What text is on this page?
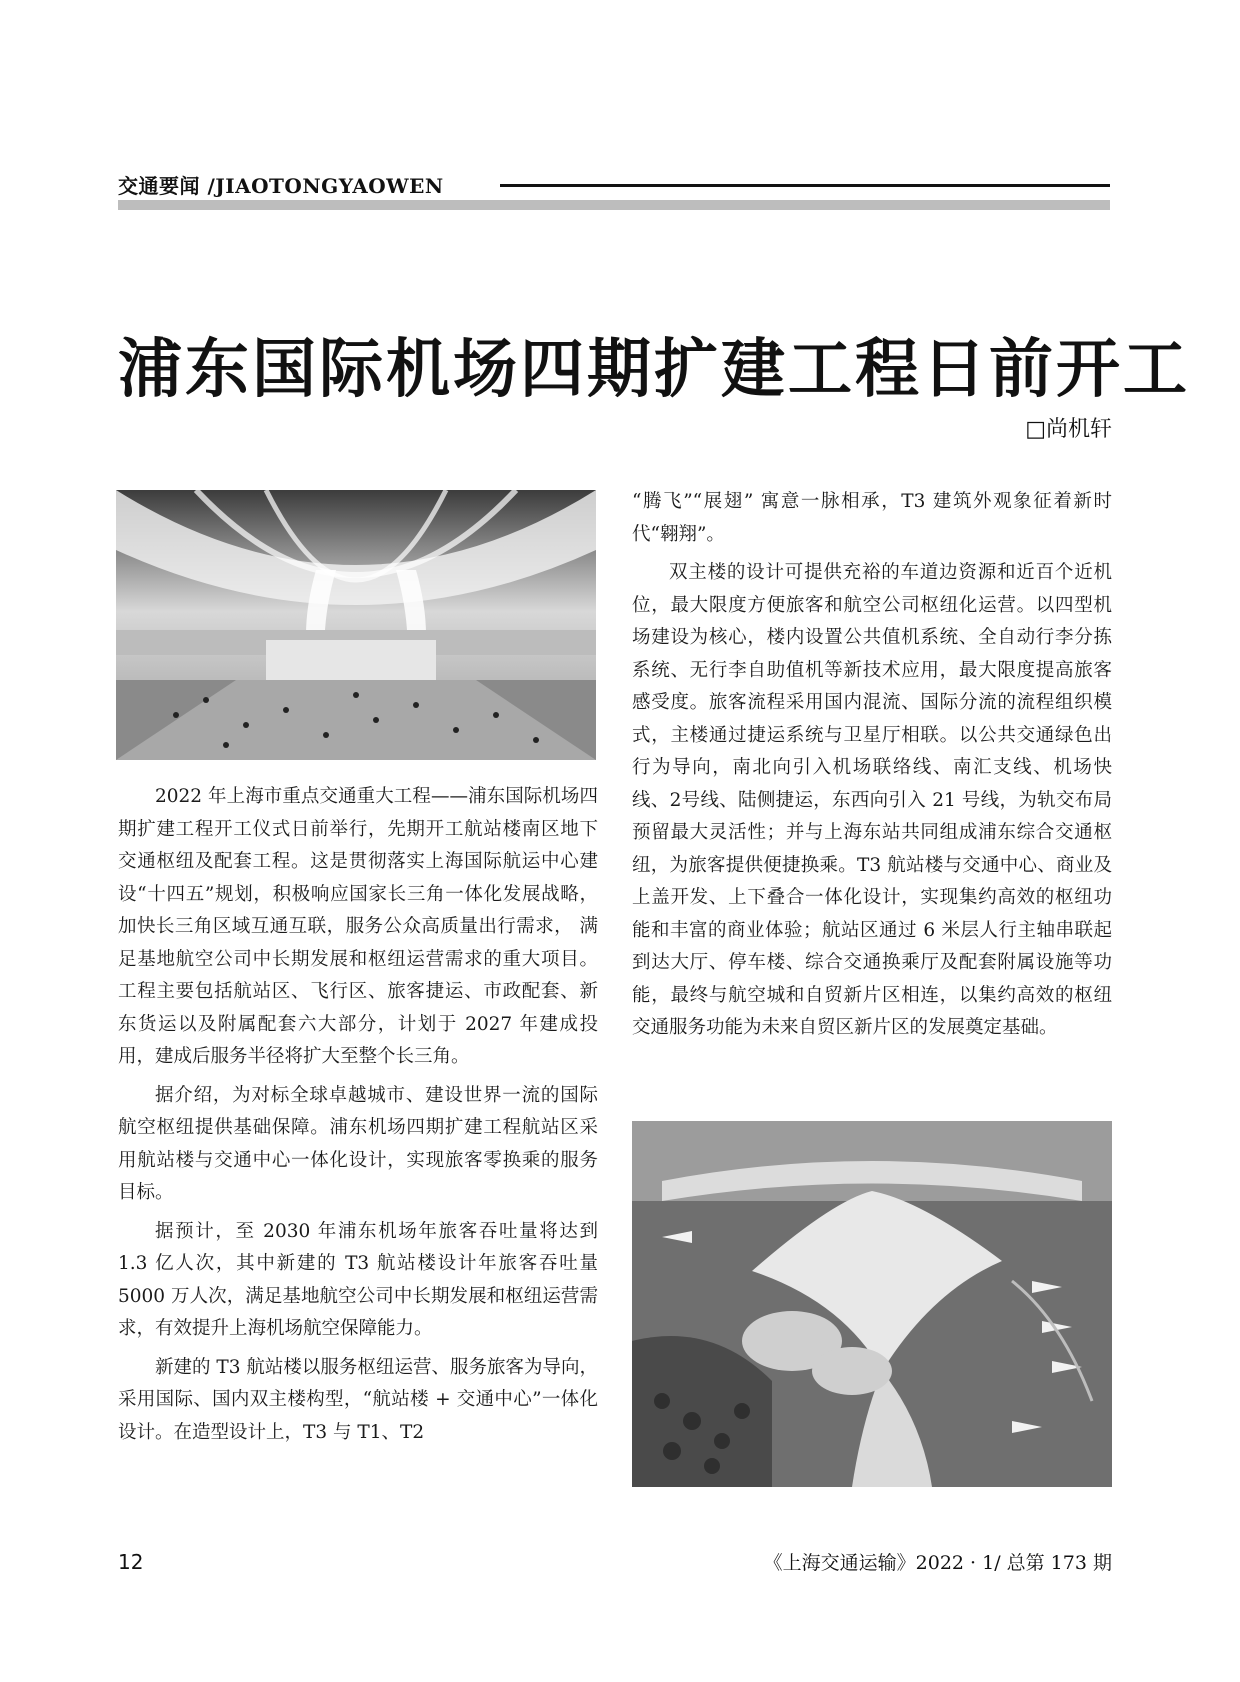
交通要闻 /JIAOTONGYAOWEN
浦东国际机场四期扩建工程日前开工
□尚机轩

2022 年上海市重点交通重大工程——浦东国际机场四期扩建工程开工仪式日前举行，先期开工航站楼南区地下交通枢纽及配套工程。这是贯彻落实上海国际航运中心建设“十四五”规划，积极响应国家长三角一体化发展战略，加快长三角区域互通互联，服务公众高质量出行需求， 满足基地航空公司中长期发展和枢纽运营需求的重大项目。工程主要包括航站区、飞行区、旅客捷运、市政配套、新东货运以及附属配套六大部分，计划于 2027 年建成投用，建成后服务半径将扩大至整个长三角。

据介绍，为对标全球卓越城市、建设世界一流的国际航空枢纽提供基础保障。浦东机场四期扩建工程航站区采用航站楼与交通中心一体化设计，实现旅客零换乘的服务目标。

据预计，至 2030 年浦东机场年旅客吞吐量将达到 1.3 亿人次，其中新建的 T3 航站楼设计年旅客吞吐量 5000 万人次，满足基地航空公司中长期发展和枢纽运营需求，有效提升上海机场航空保障能力。

新建的 T3 航站楼以服务枢纽运营、服务旅客为导向，采用国际、国内双主楼构型，“航站楼 + 交通中心”一体化设计。在造型设计上，T3 与 T1、T2

“腾飞”“展翅” 寓意一脉相承，T3 建筑外观象征着新时代“翱翔”。

双主楼的设计可提供充裕的车道边资源和近百个近机位，最大限度方便旅客和航空公司枢纽化运营。以四型机场建设为核心，楼内设置公共值机系统、全自动行李分拣系统、无行李自助值机等新技术应用，最大限度提高旅客感受度。旅客流程采用国内混流、国际分流的流程组织模式，主楼通过捷运系统与卫星厅相联。以公共交通绿色出行为导向，南北向引入机场联络线、南汇支线、机场快线、2号线、陆侧捷运，东西向引入 21 号线，为轨交布局预留最大灵活性；并与上海东站共同组成浦东综合交通枢纽，为旅客提供便捷换乘。T3 航站楼与交通中心、商业及上盖开发、上下叠合一体化设计，实现集约高效的枢纽功能和丰富的商业体验；航站区通过 6 米层人行主轴串联起到达大厅、停车楼、综合交通换乘厅及配套附属设施等功能，最终与航空城和自贸新片区相连，以集约高效的枢纽交通服务功能为未来自贸区新片区的发展奠定基础。

12	《上海交通运输》2022 · 1/ 总第 173 期
